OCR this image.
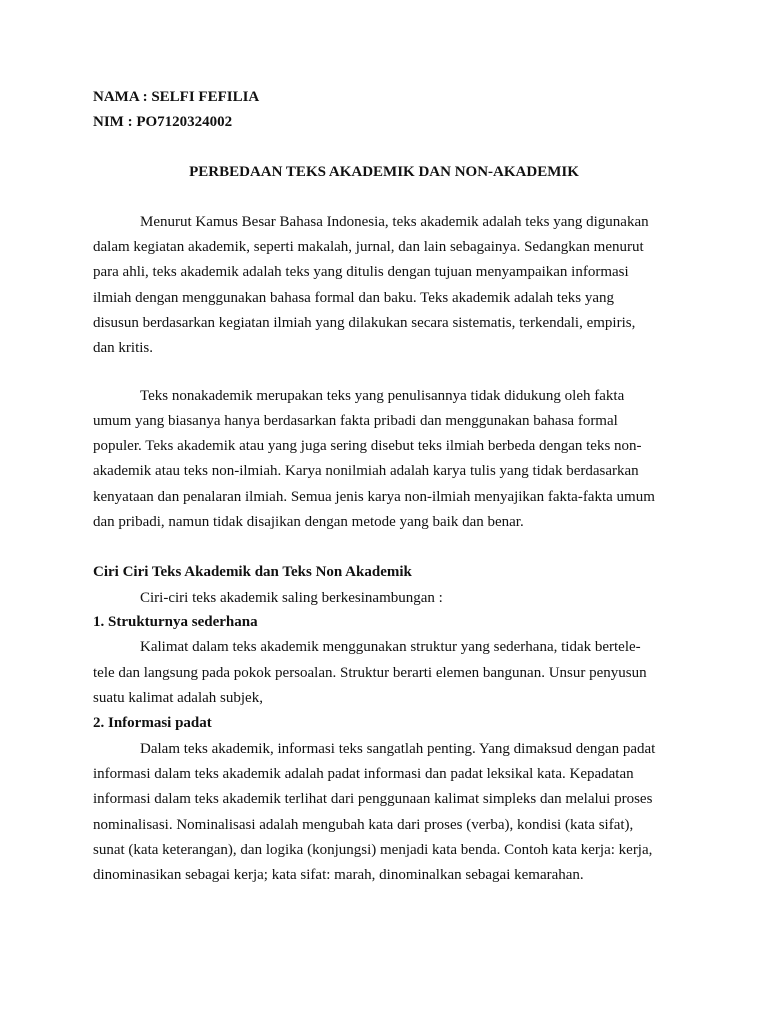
NAMA : SELFI FEFILIA

NIM : PO7120324002

PERBEDAAN TEKS AKADEMIK DAN NON-AKADEMIK

Menurut Kamus Besar Bahasa Indonesia, teks akademik adalah teks yang digunakan

dalam kegiatan akademik, seperti makalah, jurnal, dan lain sebagainya. Sedangkan menurut

para ahli, teks akademik adalah teks yang ditulis dengan tujuan menyampaikan informasi

ilmiah dengan menggunakan bahasa formal dan baku. Teks akademik adalah teks yang

disusun berdasarkan kegiatan ilmiah yang dilakukan secara sistematis, terkendali, empiris,

dan kritis.

Teks nonakademik merupakan teks yang penulisannya tidak didukung oleh fakta

umum yang biasanya hanya berdasarkan fakta pribadi dan menggunakan bahasa formal

populer. Teks akademik atau yang juga sering disebut teks ilmiah berbeda dengan teks non-

akademik atau teks non-ilmiah. Karya nonilmiah adalah karya tulis yang tidak berdasarkan

kenyataan dan penalaran ilmiah. Semua jenis karya non-ilmiah menyajikan fakta-fakta umum

dan pribadi, namun tidak disajikan dengan metode yang baik dan benar.

Ciri Ciri Teks Akademik dan Teks Non Akademik

Ciri-ciri teks akademik saling berkesinambungan :

1. Strukturnya sederhana

Kalimat dalam teks akademik menggunakan struktur yang sederhana, tidak bertele-

tele dan langsung pada pokok persoalan. Struktur berarti elemen bangunan. Unsur penyusun

suatu kalimat adalah subjek,

2. Informasi padat

Dalam teks akademik, informasi teks sangatlah penting. Yang dimaksud dengan padat

informasi dalam teks akademik adalah padat informasi dan padat leksikal kata. Kepadatan

informasi dalam teks akademik terlihat dari penggunaan kalimat simpleks dan melalui proses

nominalisasi. Nominalisasi adalah mengubah kata dari proses (verba), kondisi (kata sifat),

sunat (kata keterangan), dan logika (konjungsi) menjadi kata benda. Contoh kata kerja: kerja,

dinominasikan sebagai kerja; kata sifat: marah, dinominalkan sebagai kemarahan.
